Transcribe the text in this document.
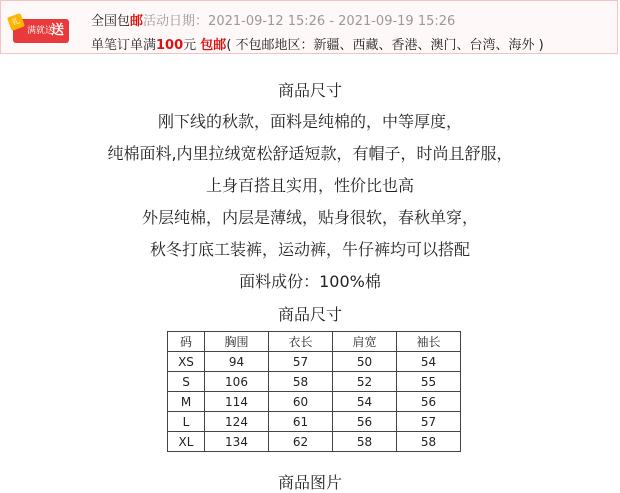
礼
满就送
送
全国包邮活动日期：2021-09-12 15:26 - 2021-09-19 15:26
单笔订单满100元 包邮( 不包邮地区：新疆、西藏、香港、澳门、台湾、海外 )
商品尺寸
刚下线的秋款，面料是纯棉的，中等厚度，
纯棉面料,内里拉绒宽松舒适短款，有帽子，时尚且舒服，
上身百搭且实用，性价比也高
外层纯棉，内层是薄绒，贴身很软，春秋单穿，
秋冬打底工装裤，运动裤，牛仔裤均可以搭配
面料成份：100%棉
商品尺寸
码	胸围	衣长	肩宽	袖长
XS	94	57	50	54
S	106	58	52	55
M	114	60	54	56
L	124	61	56	57
XL	134	62	58	58
商品图片
